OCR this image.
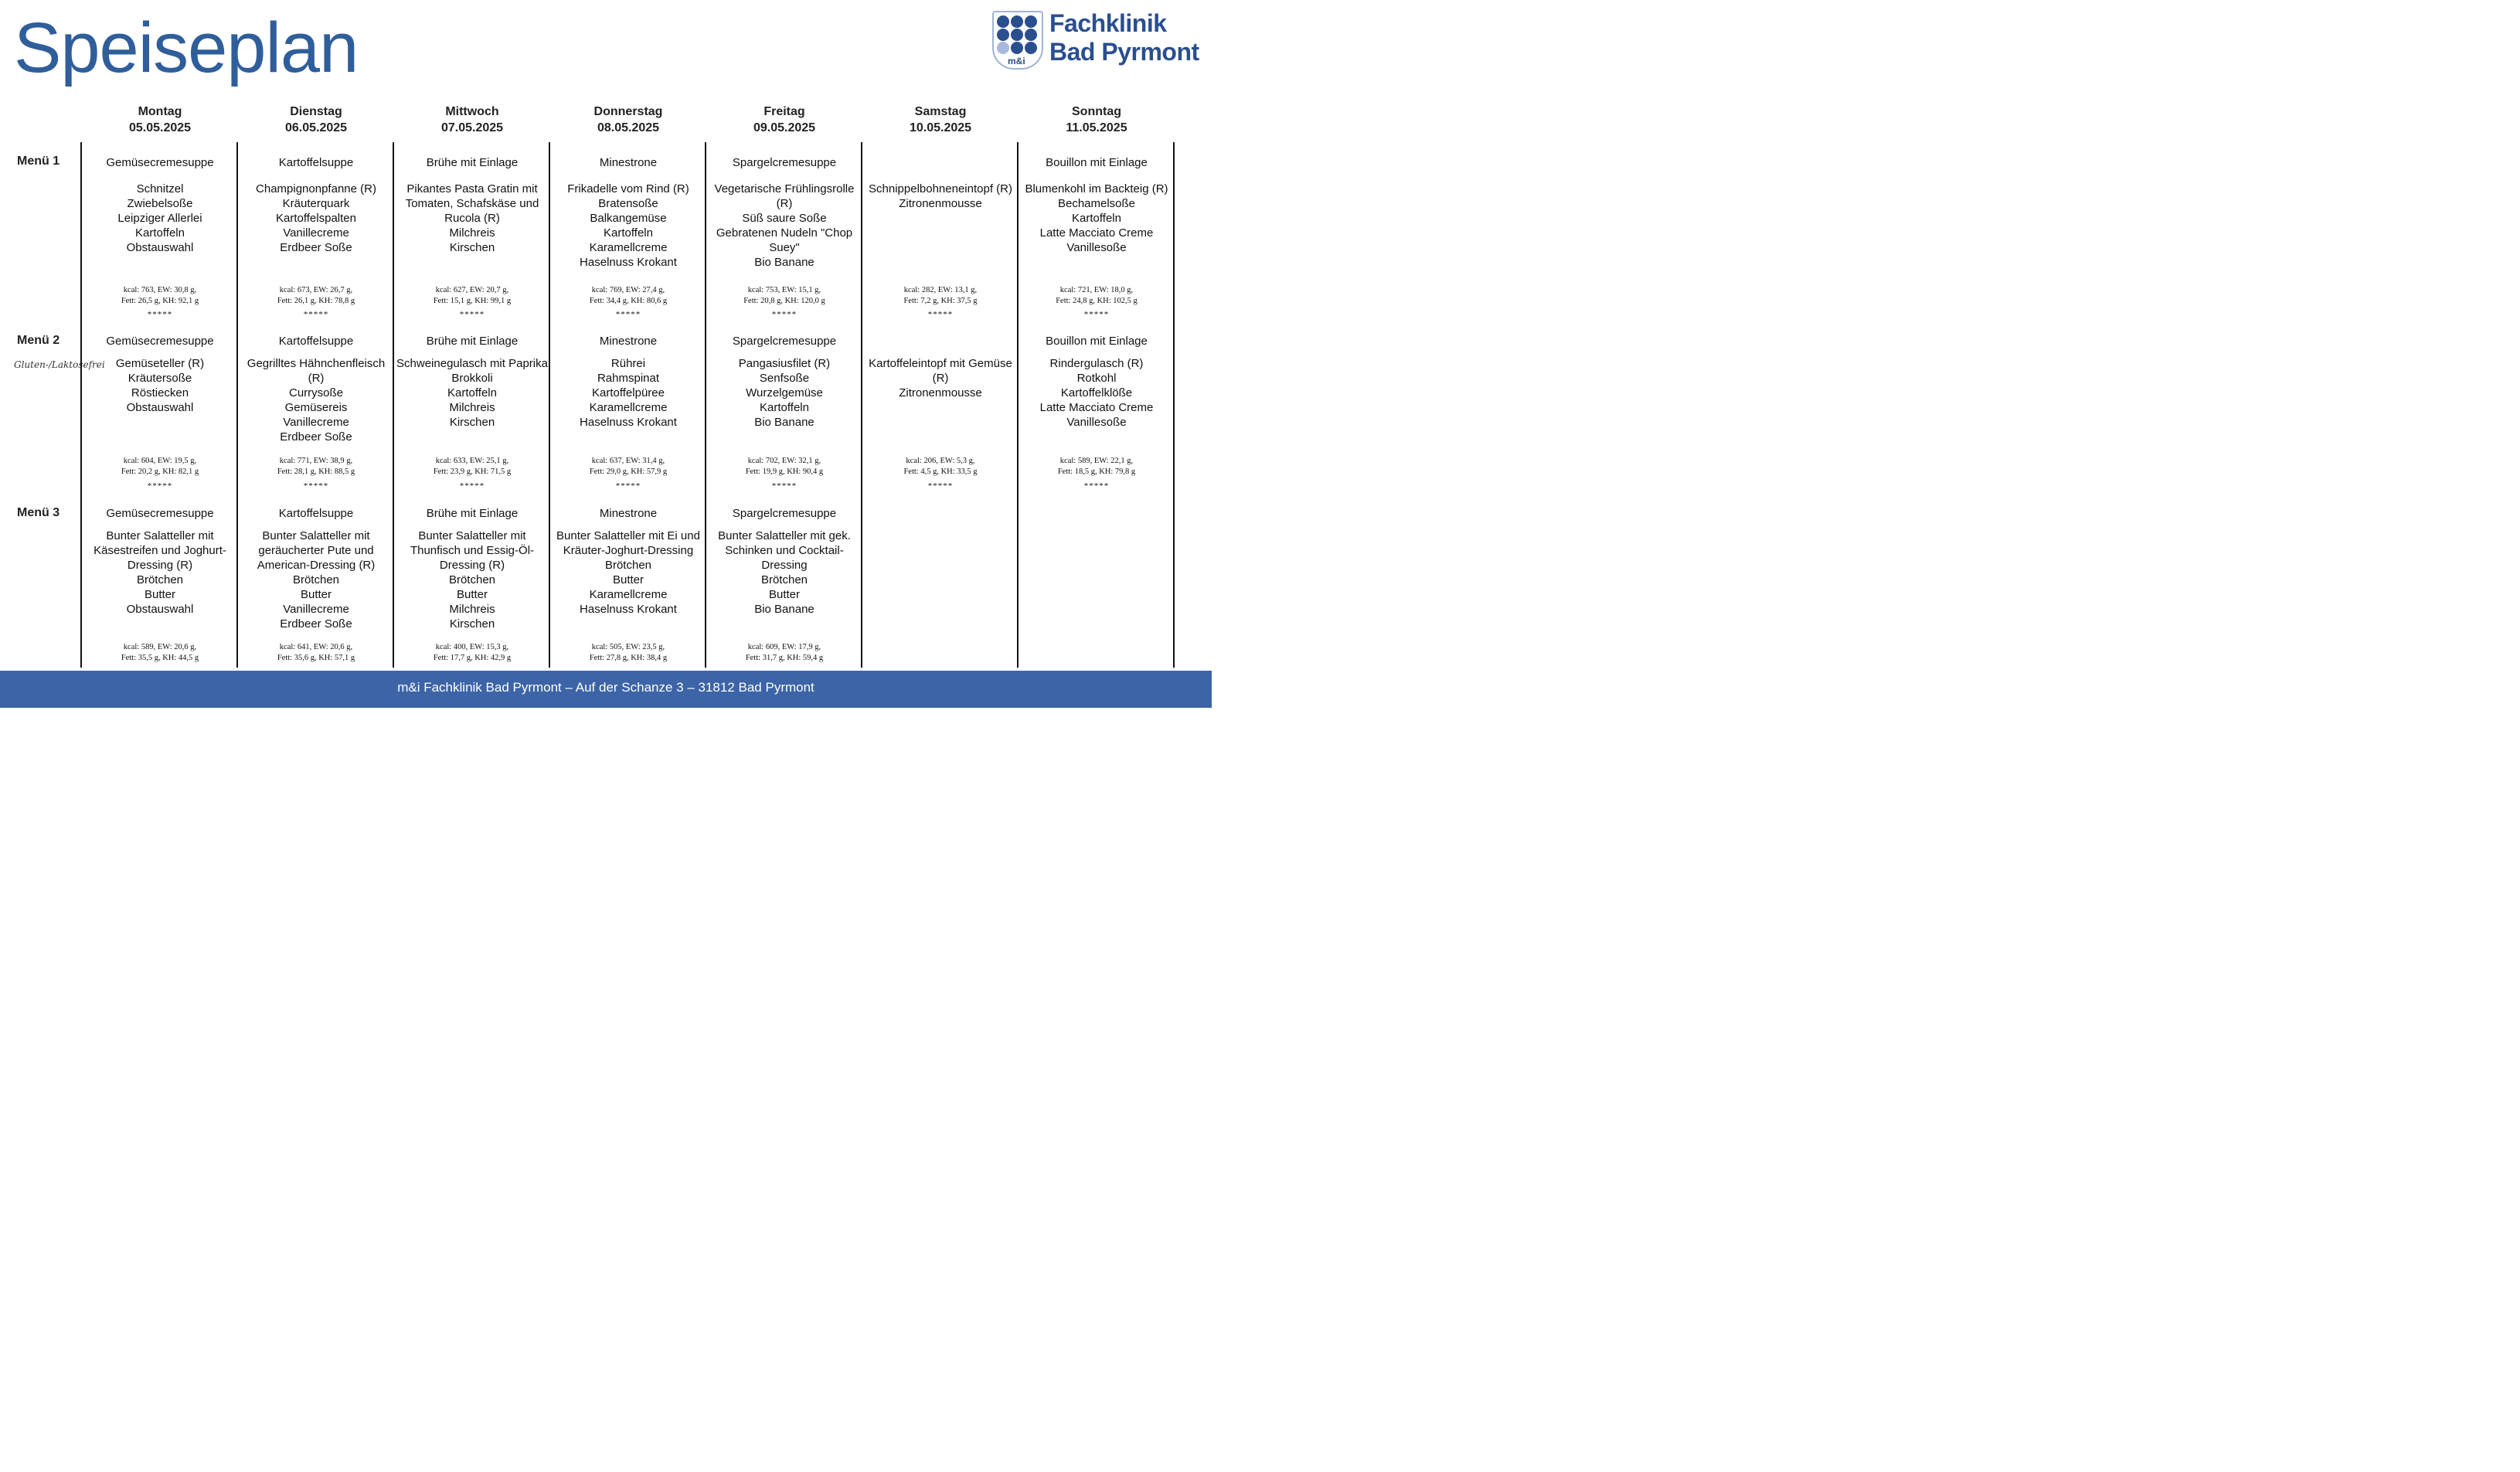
Speiseplan	m&i
Fachklinik
Bad Pyrmont
Menü 1
Menü 2
Gluten-/Laktosefrei
Menü 3
Montag
05.05.2025
Gemüsecremesuppe
Schnitzel
Zwiebelsoße
Leipziger Allerlei
Kartoffeln
Obstauswahl
kcal: 763, EW: 30,8 g,
Fett: 26,5 g, KH: 92,1 g
*****
Gemüsecremesuppe
Gemüseteller (R)
Kräutersoße
Röstiecken
Obstauswahl
kcal: 604, EW: 19,5 g,
Fett: 20,2 g, KH: 82,1 g
*****
Gemüsecremesuppe
Bunter Salatteller mit Käsestreifen und Joghurt-Dressing (R)
Brötchen
Butter
Obstauswahl
kcal: 589, EW: 20,6 g,
Fett: 35,5 g, KH: 44,5 g
Dienstag
06.05.2025
Kartoffelsuppe
Champignonpfanne (R)
Kräuterquark
Kartoffelspalten
Vanillecreme
Erdbeer Soße
kcal: 673, EW: 26,7 g,
Fett: 26,1 g, KH: 78,8 g
*****
Kartoffelsuppe
Gegrilltes Hähnchenfleisch (R)
Currysoße
Gemüsereis
Vanillecreme
Erdbeer Soße
kcal: 771, EW: 38,9 g,
Fett: 28,1 g, KH: 88,5 g
*****
Kartoffelsuppe
Bunter Salatteller mit geräucherter Pute und American-Dressing (R)
Brötchen
Butter
Vanillecreme
Erdbeer Soße
kcal: 641, EW: 20,6 g,
Fett: 35,6 g, KH: 57,1 g
Mittwoch
07.05.2025
Brühe mit Einlage
Pikantes Pasta Gratin mit Tomaten, Schafskäse und Rucola (R)
Milchreis
Kirschen
kcal: 627, EW: 20,7 g,
Fett: 15,1 g, KH: 99,1 g
*****
Brühe mit Einlage
Schweinegulasch mit Paprika
Brokkoli
Kartoffeln
Milchreis
Kirschen
kcal: 633, EW: 25,1 g,
Fett: 23,9 g, KH: 71,5 g
*****
Brühe mit Einlage
Bunter Salatteller mit Thunfisch und Essig-Öl-Dressing (R)
Brötchen
Butter
Milchreis
Kirschen
kcal: 400, EW: 15,3 g,
Fett: 17,7 g, KH: 42,9 g
Donnerstag
08.05.2025
Minestrone
Frikadelle vom Rind (R)
Bratensoße
Balkangemüse
Kartoffeln
Karamellcreme
Haselnuss Krokant
kcal: 769, EW: 27,4 g,
Fett: 34,4 g, KH: 80,6 g
*****
Minestrone
Rührei
Rahmspinat
Kartoffelpüree
Karamellcreme
Haselnuss Krokant
kcal: 637, EW: 31,4 g,
Fett: 29,0 g, KH: 57,9 g
*****
Minestrone
Bunter Salatteller mit Ei und Kräuter-Joghurt-Dressing
Brötchen
Butter
Karamellcreme
Haselnuss Krokant
kcal: 505, EW: 23,5 g,
Fett: 27,8 g, KH: 38,4 g
Freitag
09.05.2025
Spargelcremesuppe
Vegetarische Frühlingsrolle (R)
Süß saure Soße
Gebratenen Nudeln "Chop Suey"
Bio Banane
kcal: 753, EW: 15,1 g,
Fett: 20,8 g, KH: 120,0 g
*****
Spargelcremesuppe
Pangasiusfilet (R)
Senfsoße
Wurzelgemüse
Kartoffeln
Bio Banane
kcal: 702, EW: 32,1 g,
Fett: 19,9 g, KH: 90,4 g
*****
Spargelcremesuppe
Bunter Salatteller mit gek. Schinken und Cocktail-Dressing
Brötchen
Butter
Bio Banane
kcal: 609, EW: 17,9 g,
Fett: 31,7 g, KH: 59,4 g
Samstag
10.05.2025
Schnippelbohneneintopf (R)
Zitronenmousse
kcal: 282, EW: 13,1 g,
Fett: 7,2 g, KH: 37,5 g
*****
Kartoffeleintopf mit Gemüse (R)
Zitronenmousse
kcal: 206, EW: 5,3 g,
Fett: 4,5 g, KH: 33,5 g
*****
Sonntag
11.05.2025
Bouillon mit Einlage
Blumenkohl im Backteig (R)
Bechamelsoße
Kartoffeln
Latte Macciato Creme
Vanillesoße
kcal: 721, EW: 18,0 g,
Fett: 24,8 g, KH: 102,5 g
*****
Bouillon mit Einlage
Rindergulasch (R)
Rotkohl
Kartoffelklöße
Latte Macciato Creme
Vanillesoße
kcal: 589, EW: 22,1 g,
Fett: 18,5 g, KH: 79,8 g
*****
m&i Fachklinik Bad Pyrmont – Auf der Schanze 3 – 31812 Bad Pyrmont
